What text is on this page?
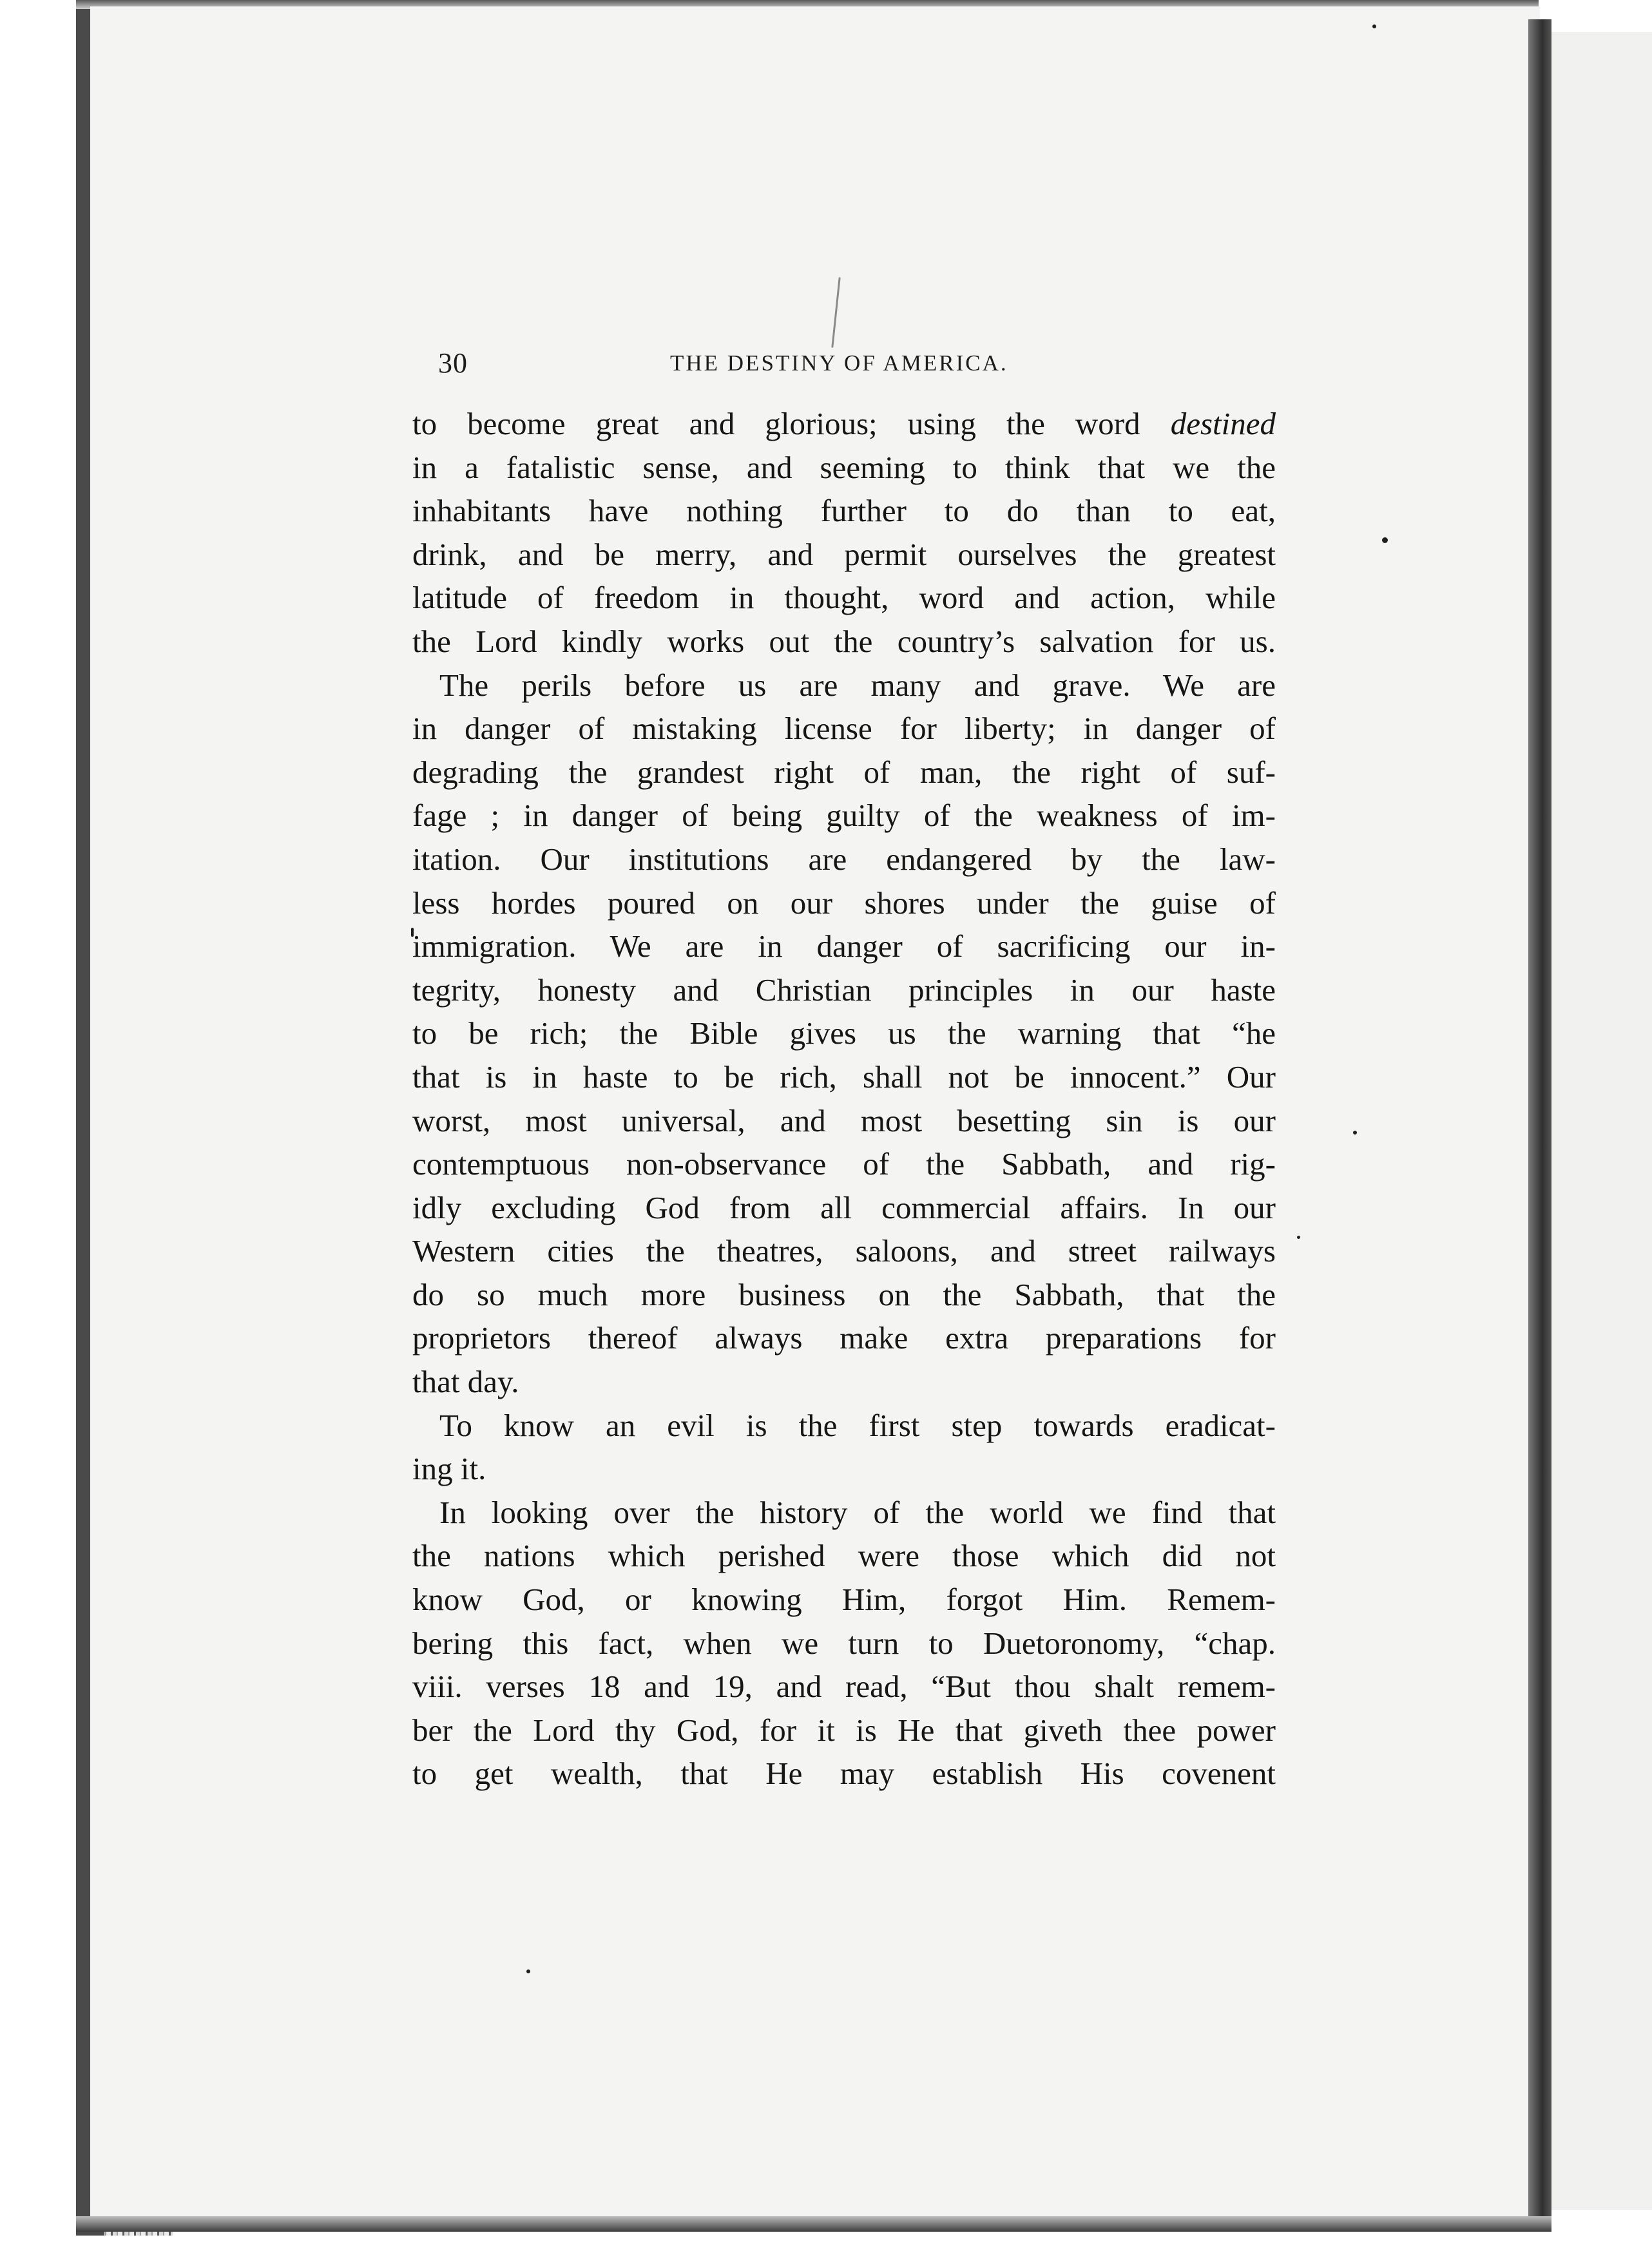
30	THE DESTINY OF AMERICA.
to become great and glorious; using the word destined
in a fatalistic sense, and seeming to think that we the
inhabitants have nothing further to do than to eat,
drink, and be merry, and permit ourselves the greatest
latitude of freedom in thought, word and action, while
the Lord kindly works out the country’s salvation for us.
The perils before us are many and grave. We are
in danger of mistaking license for liberty; in danger of
degrading the grandest right of man, the right of suf-
fage ; in danger of being guilty of the weakness of im-
itation. Our institutions are endangered by the law-
less hordes poured on our shores under the guise of
immigration. We are in danger of sacrificing our in-
tegrity, honesty and Christian principles in our haste
to be rich; the Bible gives us the warning that “he
that is in haste to be rich, shall not be innocent.” Our
worst, most universal, and most besetting sin is our
contemptuous non-observance of the Sabbath, and rig-
idly excluding God from all commercial affairs. In our
Western cities the theatres, saloons, and street railways
do so much more business on the Sabbath, that the
proprietors thereof always make extra preparations for
that day.
To know an evil is the first step towards eradicat-
ing it.
In looking over the history of the world we find that
the nations which perished were those which did not
know God, or knowing Him, forgot Him. Remem-
bering this fact, when we turn to Duetoronomy, “chap.
viii. verses 18 and 19, and read, “But thou shalt remem-
ber the Lord thy God, for it is He that giveth thee power
to get wealth, that He may establish His covenent
